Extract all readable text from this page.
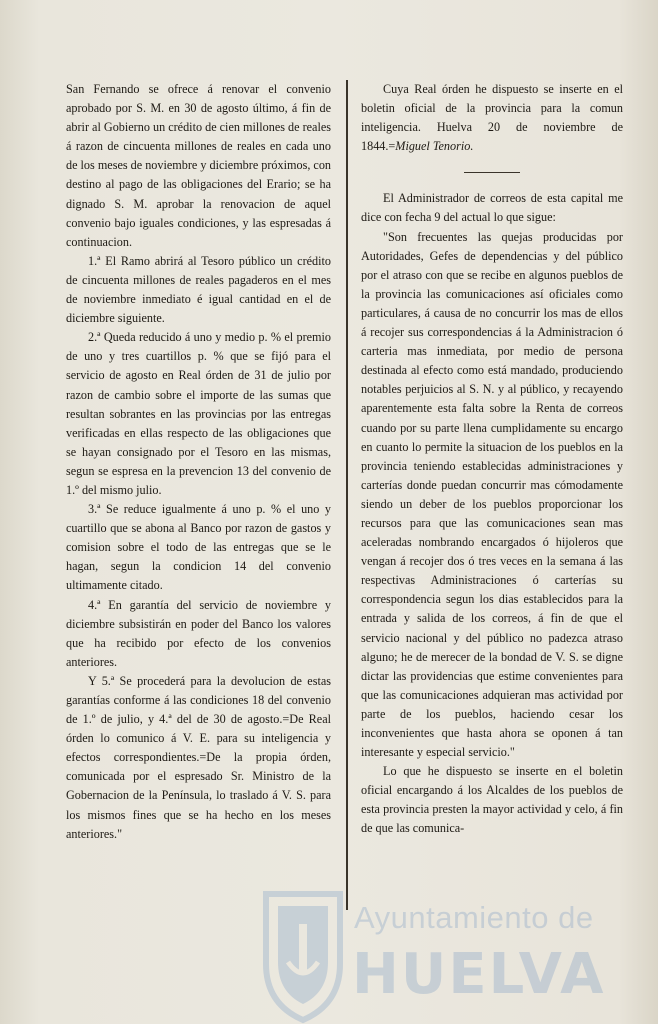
San Fernando se ofrece á renovar el convenio aprobado por S. M. en 30 de agosto último, á fin de abrir al Gobierno un crédito de cien millones de reales á razon de cincuenta millones de reales en cada uno de los meses de noviembre y diciembre próximos, con destino al pago de las obligaciones del Erario; se ha dignado S. M. aprobar la renovacion de aquel convenio bajo iguales condiciones, y las espresadas á continuacion.

1.ª El Ramo abrirá al Tesoro público un crédito de cincuenta millones de reales pagaderos en el mes de noviembre inmediato é igual cantidad en el de diciembre siguiente.

2.ª Queda reducido á uno y medio p. % el premio de uno y tres cuartillos p. % que se fijó para el servicio de agosto en Real órden de 31 de julio por razon de cambio sobre el importe de las sumas que resultan sobrantes en las provincias por las entregas verificadas en ellas respecto de las obligaciones que se hayan consignado por el Tesoro en las mismas, segun se espresa en la prevencion 13 del convenio de 1.º del mismo julio.

3.ª Se reduce igualmente á uno p. % el uno y cuartillo que se abona al Banco por razon de gastos y comision sobre el todo de las entregas que se le hagan, segun la condicion 14 del convenio ultimamente citado.

4.ª En garantía del servicio de noviembre y diciembre subsistirán en poder del Banco los valores que ha recibido por efecto de los convenios anteriores.

Y 5.ª Se procederá para la devolucion de estas garantías conforme á las condiciones 18 del convenio de 1.º de julio, y 4.ª del de 30 de agosto.=De Real órden lo comunico á V. E. para su inteligencia y efectos correspondientes.=De la propia órden, comunicada por el espresado Sr. Ministro de la Gobernacion de la Península, lo traslado á V. S. para los mismos fines que se ha hecho en los meses anteriores."

Cuya Real órden he dispuesto se inserte en el boletin oficial de la provincia para la comun inteligencia. Huelva 20 de noviembre de 1844.=Miguel Tenorio.

El Administrador de correos de esta capital me dice con fecha 9 del actual lo que sigue:

"Son frecuentes las quejas producidas por Autoridades, Gefes de dependencias y del público por el atraso con que se recibe en algunos pueblos de la provincia las comunicaciones así oficiales como particulares, á causa de no concurrir los mas de ellos á recojer sus correspondencias á la Administracion ó carteria mas inmediata, por medio de persona destinada al efecto como está mandado, produciendo notables perjuicios al S. N. y al público, y recayendo aparentemente esta falta sobre la Renta de correos cuando por su parte llena cumplidamente su encargo en cuanto lo permite la situacion de los pueblos en la provincia teniendo establecidas administraciones y carterías donde puedan concurrir mas cómodamente siendo un deber de los pueblos proporcionar los recursos para que las comunicaciones sean mas aceleradas nombrando encargados ó hijoleros que vengan á recojer dos ó tres veces en la semana á las respectivas Administraciones ó carterías su correspondencia segun los dias establecidos para la entrada y salida de los correos, á fin de que el servicio nacional y del público no padezca atraso alguno; he de merecer de la bondad de V. S. se digne dictar las providencias que estime convenientes para que las comunicaciones adquieran mas actividad por parte de los pueblos, haciendo cesar los inconvenientes que hasta ahora se oponen á tan interesante y especial servicio."

Lo que he dispuesto se inserte en el boletin oficial encargando á los Alcaldes de los pueblos de esta provincia presten la mayor actividad y celo, á fin de que las comunica-

Ayuntamiento de
HUELVA
